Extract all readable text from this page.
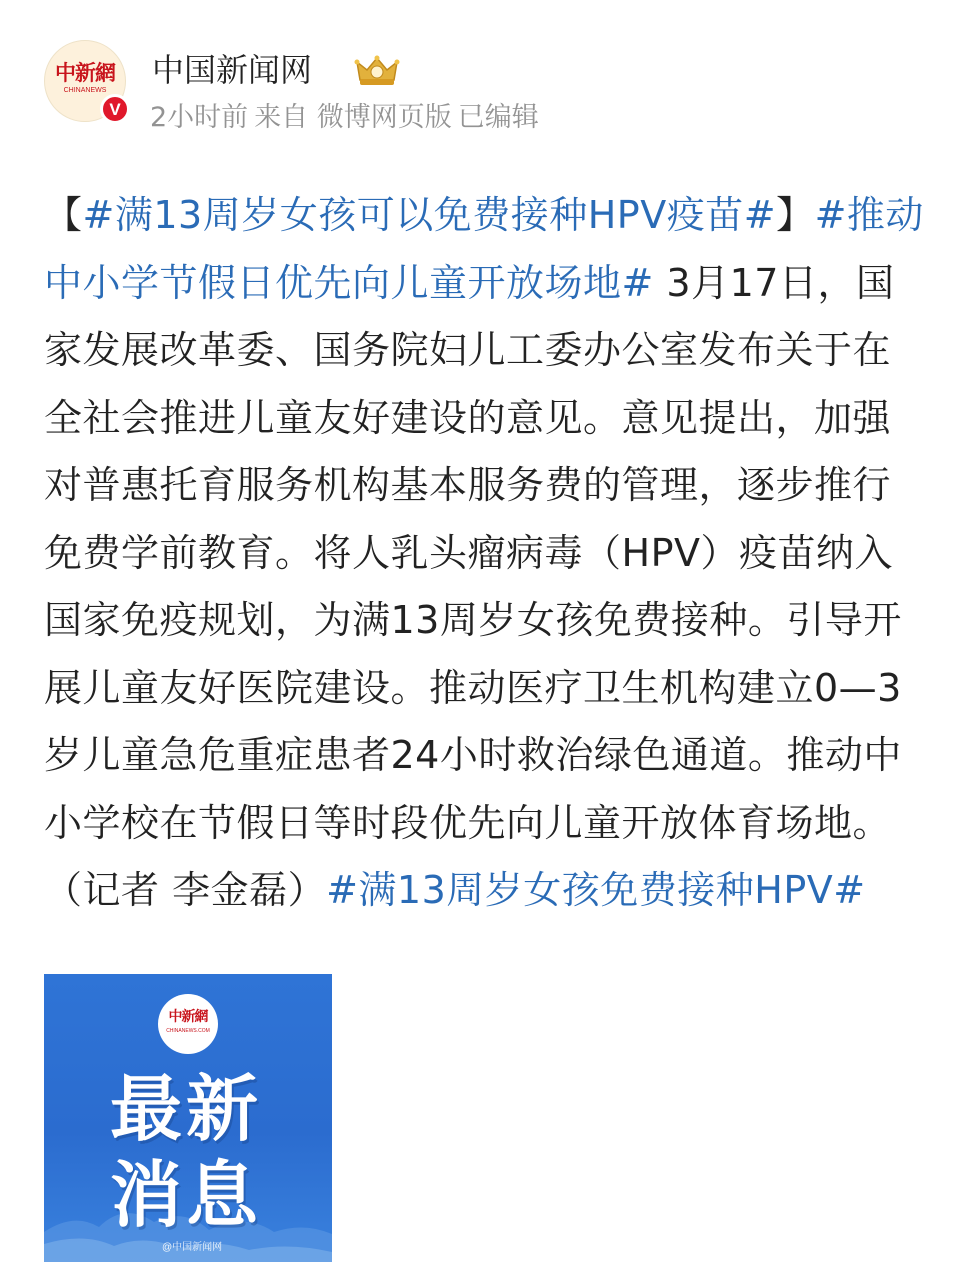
中新網
CHINANEWS
V
中国新闻网
2小时前 来自 微博网页版 已编辑

【#满13周岁女孩可以免费接种HPV疫苗#】#推动中小学节假日优先向儿童开放场地# 3月17日，国家发展改革委、国务院妇儿工委办公室发布关于在全社会推进儿童友好建设的意见。意见提出，加强对普惠托育服务机构基本服务费的管理，逐步推行免费学前教育。将人乳头瘤病毒（HPV）疫苗纳入国家免疫规划，为满13周岁女孩免费接种。引导开展儿童友好医院建设。推动医疗卫生机构建立0—3岁儿童急危重症患者24小时救治绿色通道。推动中小学校在节假日等时段优先向儿童开放体育场地。（记者 李金磊）#满13周岁女孩免费接种HPV#

中新網
CHINANEWS.COM
最新
消息
@中国新闻网
